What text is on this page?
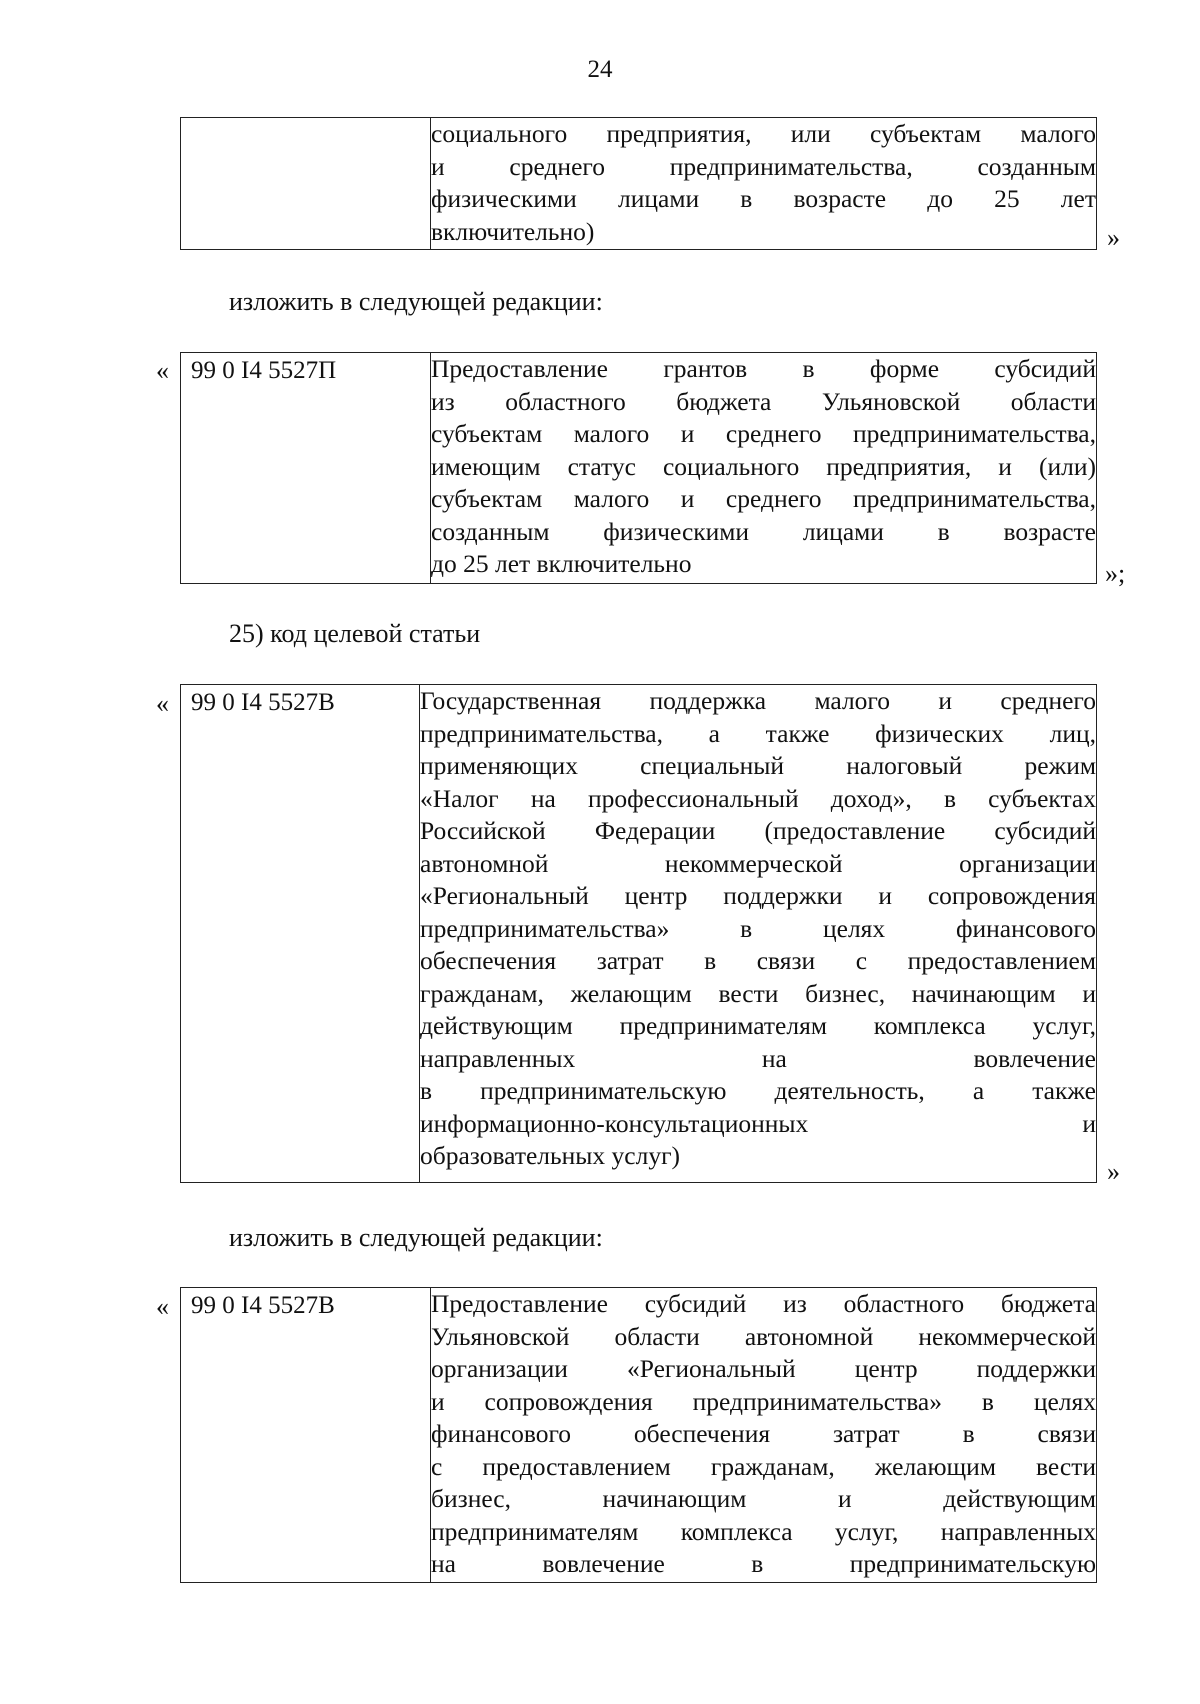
24

социального предприятия, или субъектам малого
и среднего предпринимательства, созданным
физическими лицами в возрасте до 25 лет
включительно)	»
изложить в следующей редакции:
« 99 0 I4 5527П	Предоставление грантов в форме субсидий
из областного бюджета Ульяновской области
субъектам малого и среднего предпринимательства,
имеющим статус социального предприятия, и (или)
субъектам малого и среднего предпринимательства,
созданным физическими лицами в возрасте
до 25 лет включительно	»;
25) код целевой статьи
« 99 0 I4 5527В	Государственная поддержка малого и среднего
предпринимательства, а также физических лиц,
применяющих специальный налоговый режим
«Налог на профессиональный доход», в субъектах
Российской Федерации (предоставление субсидий
автономной некоммерческой организации
«Региональный центр поддержки и сопровождения
предпринимательства» в целях финансового
обеспечения затрат в связи с предоставлением
гражданам, желающим вести бизнес, начинающим и
действующим предпринимателям комплекса услуг,
направленных на вовлечение
в предпринимательскую деятельность, а также
информационно-консультационных и
образовательных услуг)
»
изложить в следующей редакции:
« 99 0 I4 5527В	Предоставление субсидий из областного бюджета
Ульяновской области автономной некоммерческой
организации «Региональный центр поддержки
и сопровождения предпринимательства» в целях
финансового обеспечения затрат в связи
с предоставлением гражданам, желающим вести
бизнес, начинающим и действующим
предпринимателям комплекса услуг, направленных
на вовлечение в предпринимательскую
